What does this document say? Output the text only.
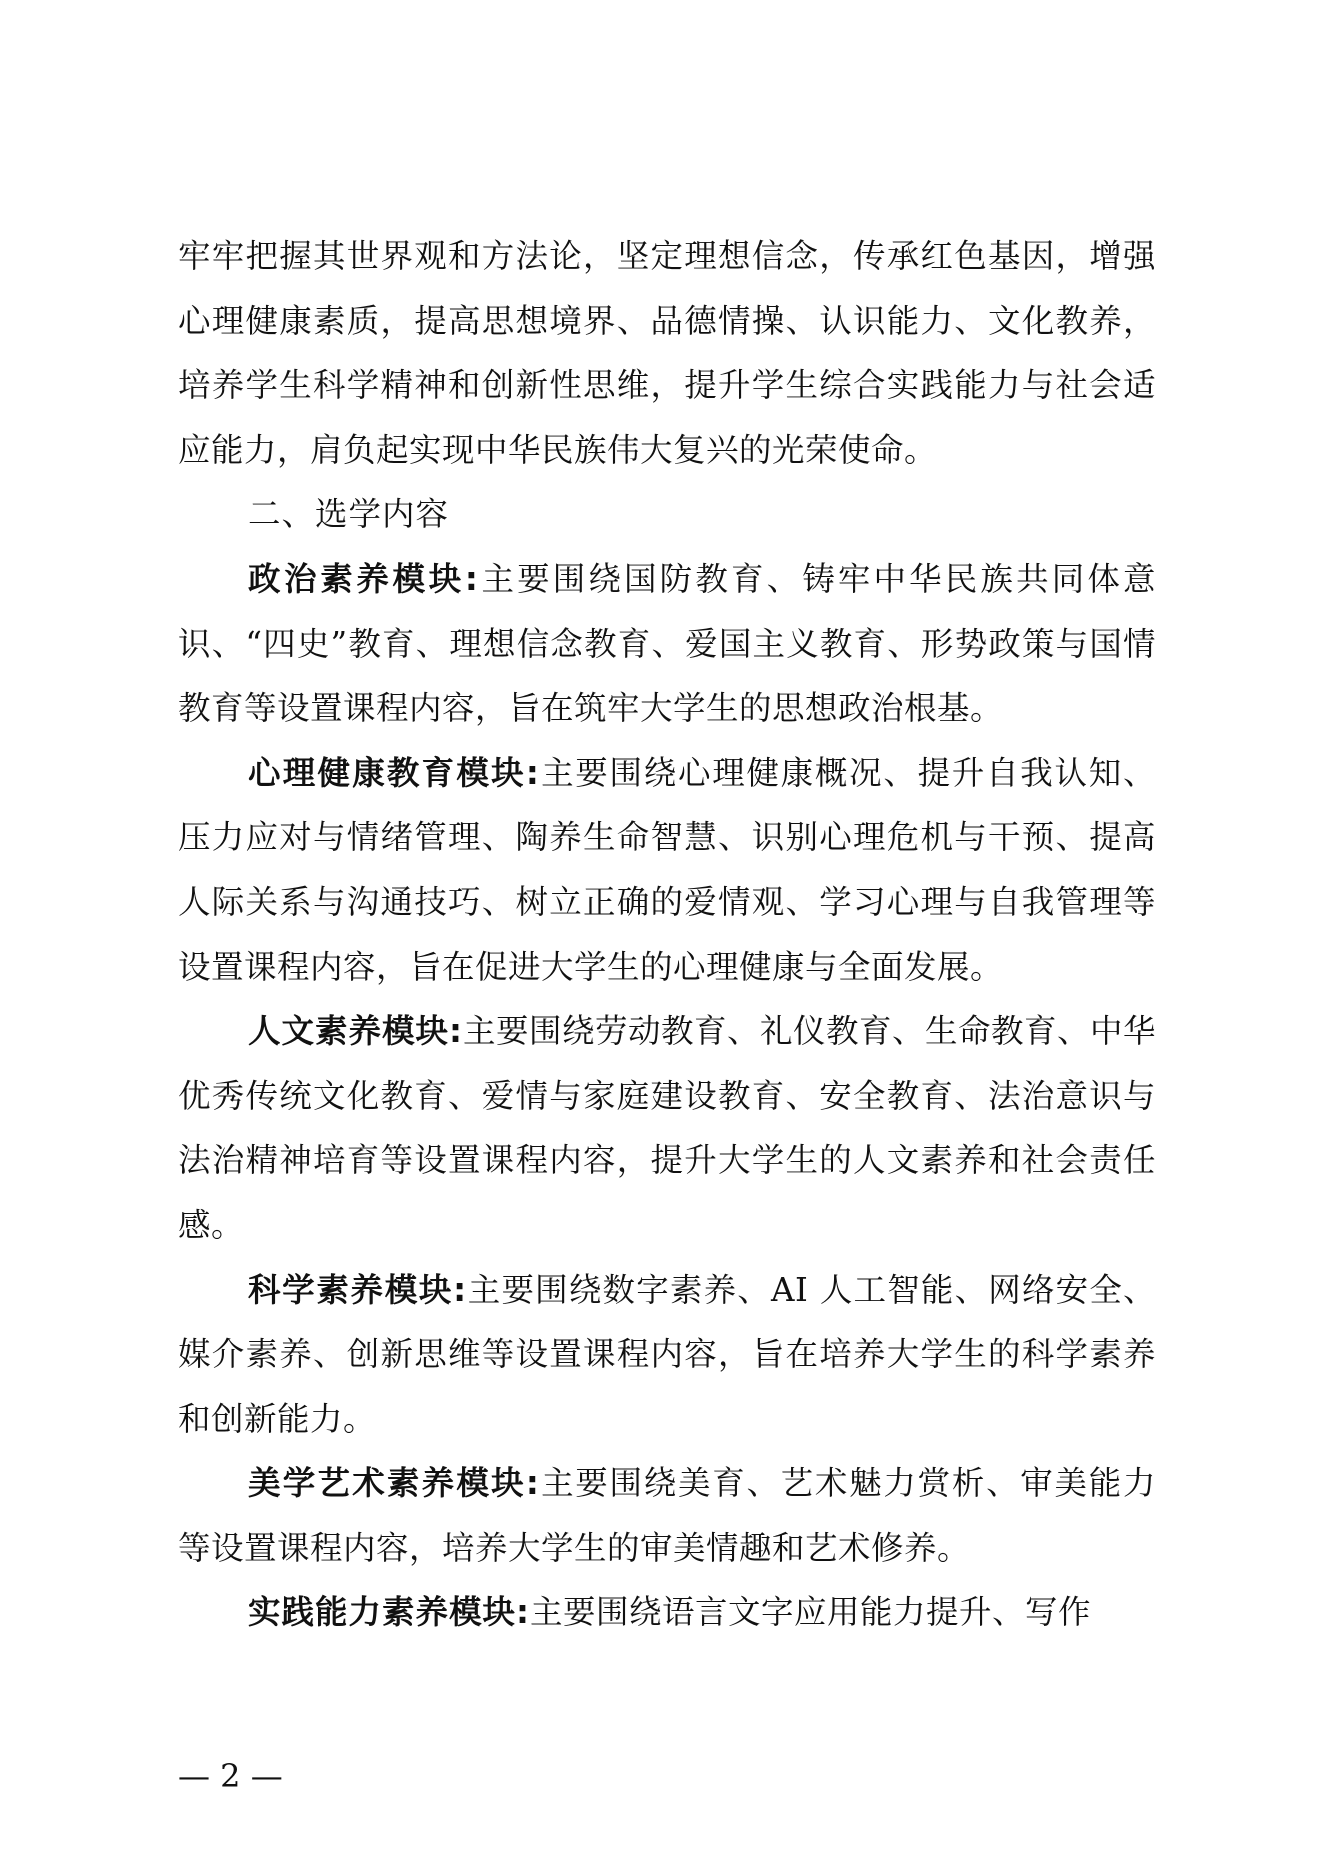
牢牢把握其世界观和方法论，坚定理想信念，传承红色基因，增强心理健康素质，提高思想境界、品德情操、认识能力、文化教养，培养学生科学精神和创新性思维，提升学生综合实践能力与社会适应能力，肩负起实现中华民族伟大复兴的光荣使命。

二、选学内容

政治素养模块:主要围绕国防教育、铸牢中华民族共同体意识、“四史”教育、理想信念教育、爱国主义教育、形势政策与国情教育等设置课程内容，旨在筑牢大学生的思想政治根基。

心理健康教育模块:主要围绕心理健康概况、提升自我认知、压力应对与情绪管理、陶养生命智慧、识别心理危机与干预、提高人际关系与沟通技巧、树立正确的爱情观、学习心理与自我管理等设置课程内容，旨在促进大学生的心理健康与全面发展。

人文素养模块:主要围绕劳动教育、礼仪教育、生命教育、中华优秀传统文化教育、爱情与家庭建设教育、安全教育、法治意识与法治精神培育等设置课程内容，提升大学生的人文素养和社会责任感。

科学素养模块:主要围绕数字素养、AI 人工智能、网络安全、媒介素养、创新思维等设置课程内容，旨在培养大学生的科学素养和创新能力。

美学艺术素养模块:主要围绕美育、艺术魅力赏析、审美能力等设置课程内容，培养大学生的审美情趣和艺术修养。

实践能力素养模块:主要围绕语言文字应用能力提升、写作

— 2 —
